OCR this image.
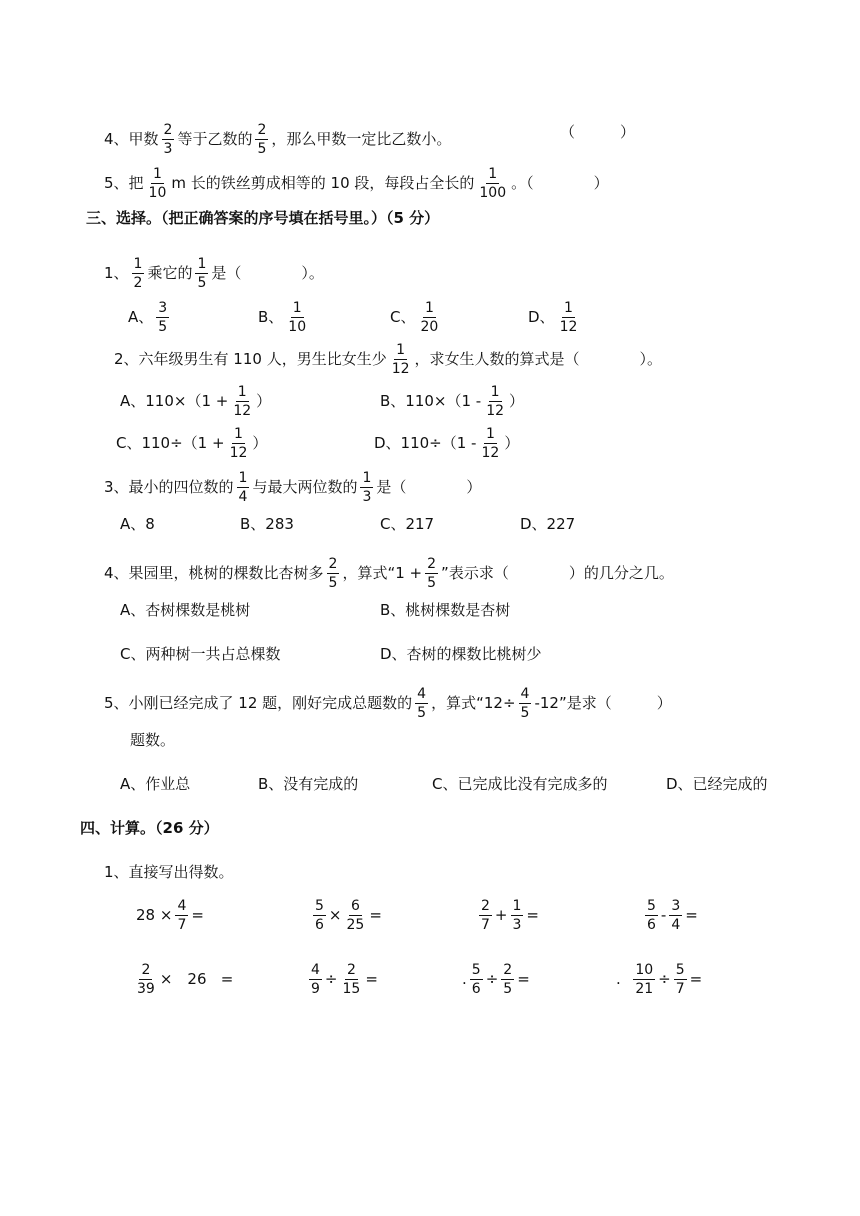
4、甲数 $\frac{2}{3}$ 等于乙数的 $\frac{2}{5}$ ，那么甲数一定比乙数小。	（　　　）
5、把 $\frac{1}{10}$ m 长的铁丝剪成相等的 10 段，每段占全长的 $\frac{1}{100}$ 。（　　　　）
三、选择。（把正确答案的序号填在括号里。）（5 分）
1、 $\frac{1}{2}$ 乘它的 $\frac{1}{5}$ 是（　　　　）。
A、 $\frac{3}{5}$	B、 $\frac{1}{10}$	C、 $\frac{1}{20}$	D、 $\frac{1}{12}$
2、六年级男生有 110 人，男生比女生少 $\frac{1}{12}$ ，求女生人数的算式是（　　　　）。
A、$110\times(1 + \frac{1}{12}$ ）	B、$110\times(1 - \frac{1}{12}$ ）
C、$110\div(1 + \frac{1}{12}$ ）	D、$110\div(1 - \frac{1}{12}$ ）
3、最小的四位数的 $\frac{1}{4}$ 与最大两位数的 $\frac{1}{3}$ 是（　　　　）
A、8	B、283	C、217	D、227
4、果园里，桃树的棵数比杏树多 $\frac{2}{5}$ ，算式“$1 + \frac{2}{5}$ ”表示求（　　　　）的几分之几。
A、杏树棵数是桃树	B、桃树棵数是杏树
C、两种树一共占总棵数	D、杏树的棵数比桃树少
5、小刚已经完成了 12 题，刚好完成总题数的 $\frac{4}{5}$ ，算式“$12\div \frac{4}{5} -12$”是求（　　　）
题数。
A、作业总	B、没有完成的	C、已完成比没有完成多的	D、已经完成的
四、计算。（26 分）
1、直接写出得数。
$28 \times \frac{4}{7}$ =	$\frac{5}{6} \times \frac{6}{25}$ =	$\frac{2}{7} + \frac{1}{3}$ =	$\frac{5}{6} - \frac{3}{4}$ =
$\frac{2}{39}$ ×　26 =	$\frac{4}{9} \div \frac{2}{15}$ =	. $\frac{5}{6} \div \frac{2}{5}$ =	. $\frac{10}{21} \div \frac{5}{7}$ =
